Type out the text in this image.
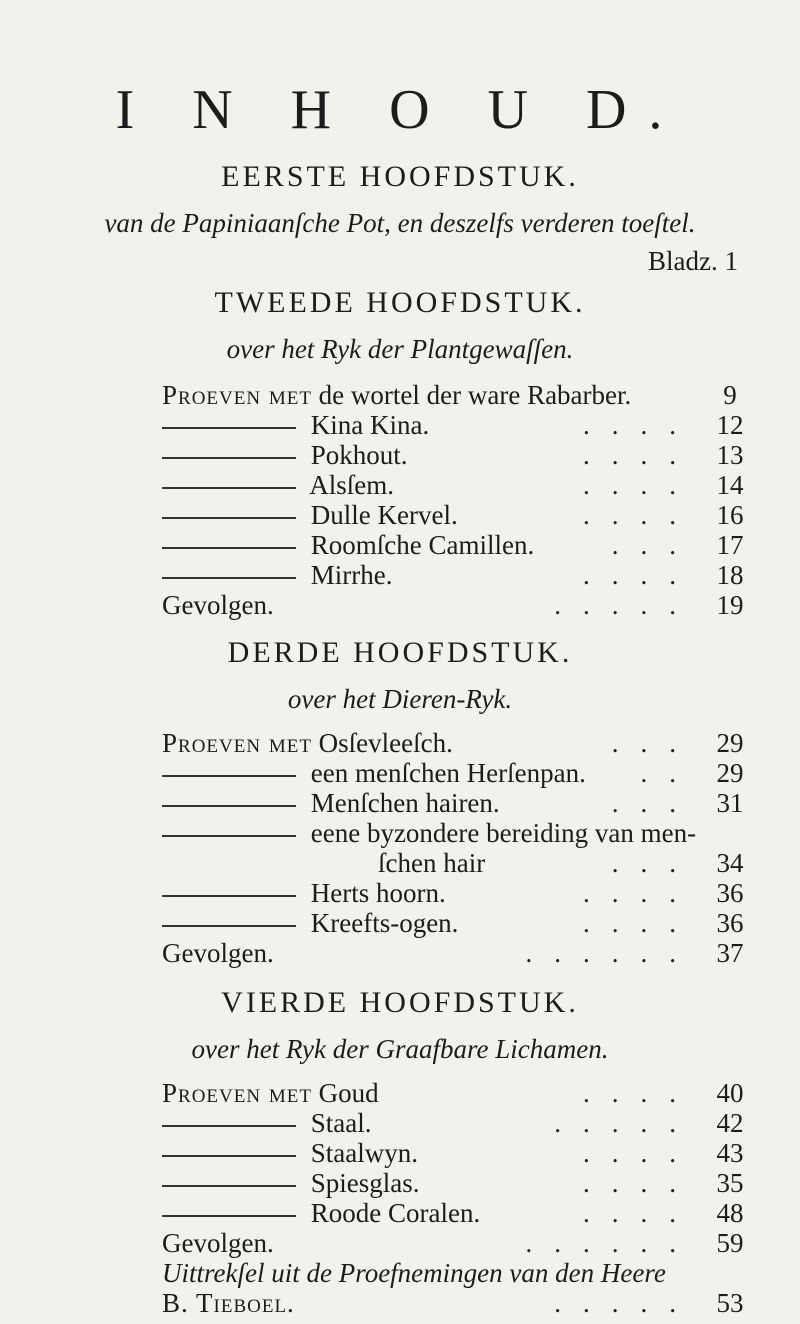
I N H O U D.
EERSTE HOOFDSTUK.
van de Papiniaanſche Pot, en deszelfs verderen toeſtel.
Bladz. 1
TWEEDE HOOFDSTUK.
over het Ryk der Plantgewaſſen.
Proeven met de wortel der ware Rabarber.	9
Kina Kina.	.... 12
Pokhout.	.... 13
Alsſem.	.... 14
Dulle Kervel.	.... 16
Roomſche Camillen.	... 17
Mirrhe.	.... 18
Gevolgen.	..... 19
DERDE HOOFDSTUK.
over het Dieren-Ryk.
Proeven met Osſevleeſch.	... 29
een menſchen Herſenpan. .. 29
Menſchen hairen.	... 31
eene byzondere bereiding van men-
ſchen hair	... 34
Herts hoorn.	.... 36
Kreefts-ogen.	.... 36
Gevolgen.	...... 37
VIERDE HOOFDSTUK.
over het Ryk der Graafbare Lichamen.
Proeven met Goud	.... 40
Staal.	..... 42
Staalwyn.	.... 43
Spiesglas.	.... 35
Roode Coralen.	.... 48
Gevolgen.	...... 59
Uittrekſel uit de Proefnemingen van den Heere
B. Tieboel.	..... 53
